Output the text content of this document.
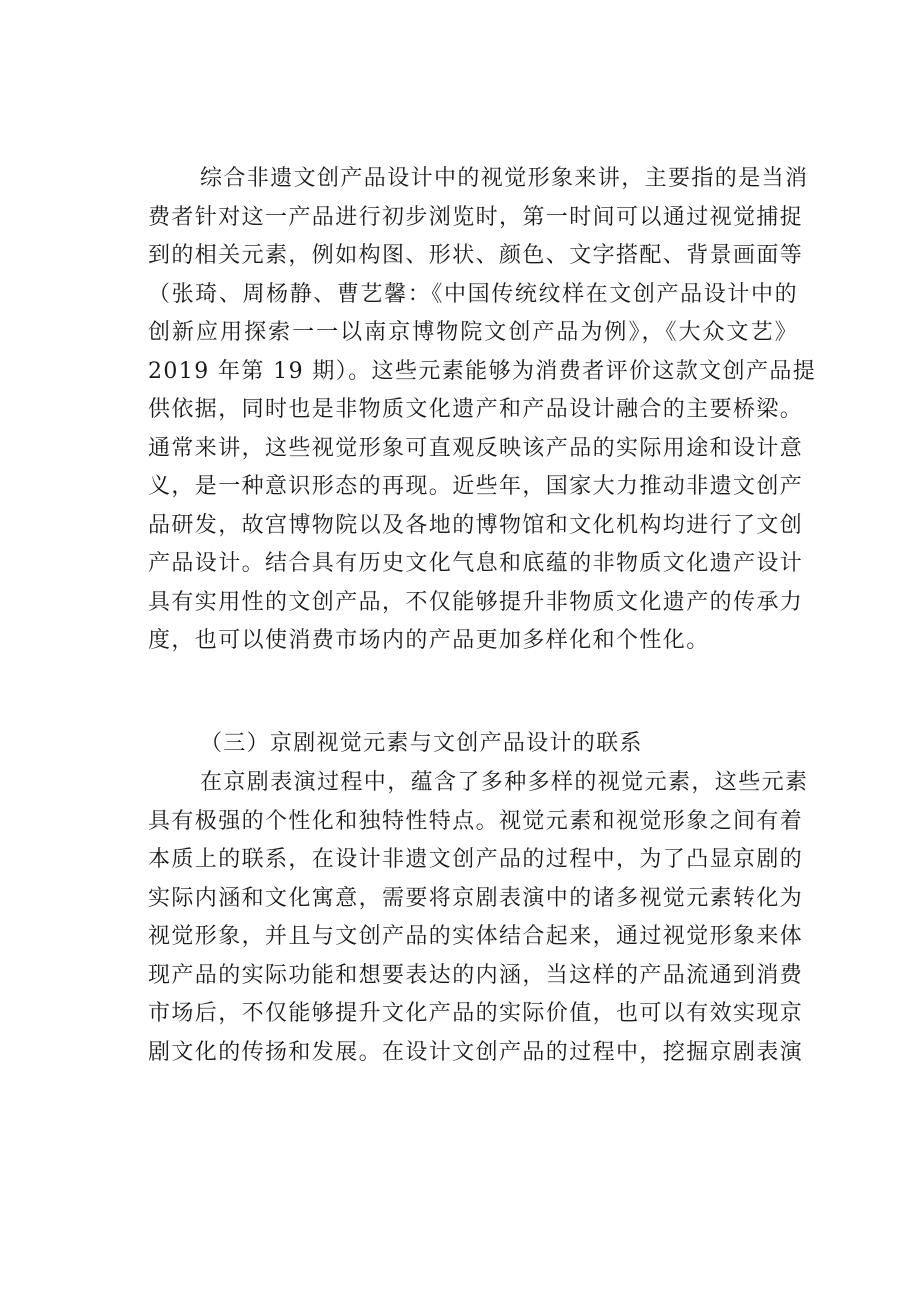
综合非遗文创产品设计中的视觉形象来讲，主要指的是当消
费者针对这一产品进行初步浏览时，第一时间可以通过视觉捕捉
到的相关元素，例如构图、形状、颜色、文字搭配、背景画面等
（张琦、周杨静、曹艺馨：《中国传统纹样在文创产品设计中的
创新应用探索一一以南京博物院文创产品为例》，《大众文艺》
2019 年第 19 期）。这些元素能够为消费者评价这款文创产品提
供依据，同时也是非物质文化遗产和产品设计融合的主要桥梁。
通常来讲，这些视觉形象可直观反映该产品的实际用途和设计意
义，是一种意识形态的再现。近些年，国家大力推动非遗文创产
品研发，故宫博物院以及各地的博物馆和文化机构均进行了文创
产品设计。结合具有历史文化气息和底蕴的非物质文化遗产设计
具有实用性的文创产品，不仅能够提升非物质文化遗产的传承力
度，也可以使消费市场内的产品更加多样化和个性化。
（三）京剧视觉元素与文创产品设计的联系
在京剧表演过程中，蕴含了多种多样的视觉元素，这些元素
具有极强的个性化和独特性特点。视觉元素和视觉形象之间有着
本质上的联系，在设计非遗文创产品的过程中，为了凸显京剧的
实际内涵和文化寓意，需要将京剧表演中的诸多视觉元素转化为
视觉形象，并且与文创产品的实体结合起来，通过视觉形象来体
现产品的实际功能和想要表达的内涵，当这样的产品流通到消费
市场后，不仅能够提升文化产品的实际价值，也可以有效实现京
剧文化的传扬和发展。在设计文创产品的过程中，挖掘京剧表演
